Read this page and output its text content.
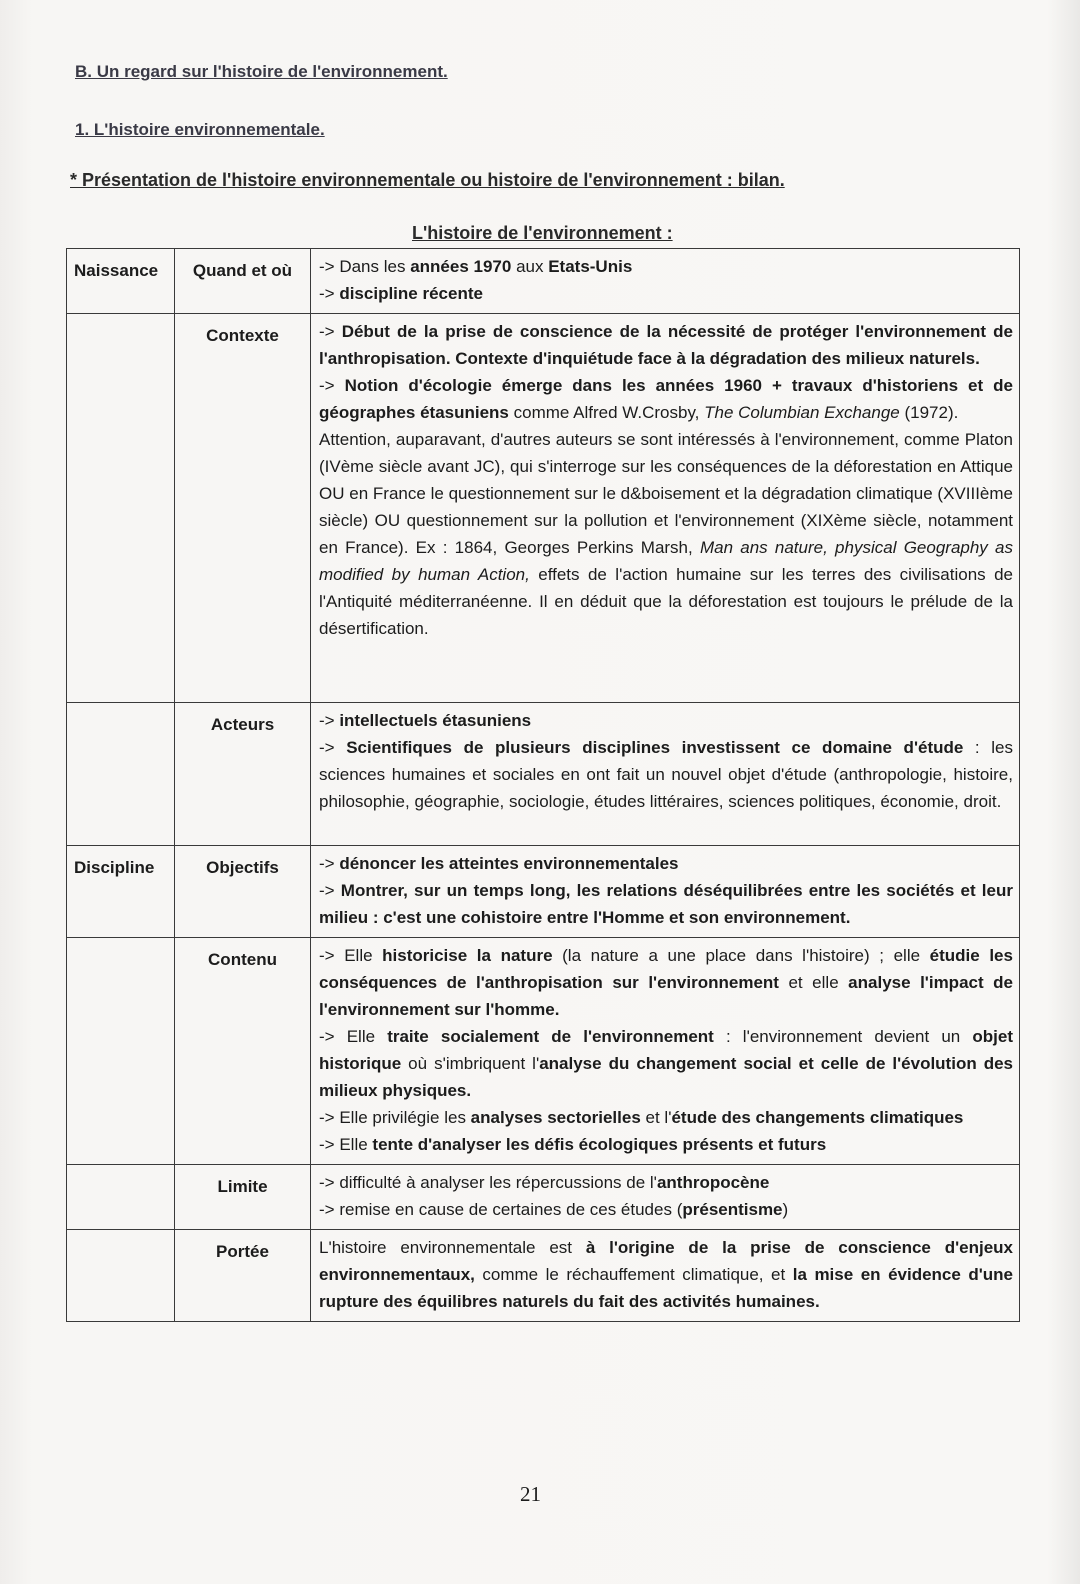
B. Un regard sur l'histoire de l'environnement.
1. L'histoire environnementale.
* Présentation de l'histoire environnementale ou histoire de l'environnement : bilan.
L'histoire de l'environnement :
Naissance	Quand et où	-> Dans les années 1970 aux Etats-Unis

-> discipline récente

	Contexte	-> Début de la prise de conscience de la nécessité de protéger l'environnement de l'anthropisation. Contexte d'inquiétude face à la dégradation des milieux naturels.

-> Notion d'écologie émerge dans les années 1960 + travaux d'historiens et de géographes étasuniens comme Alfred W.Crosby, The Columbian Exchange (1972).

Attention, auparavant, d'autres auteurs se sont intéressés à l'environnement, comme Platon (IVème siècle avant JC), qui s'interroge sur les conséquences de la déforestation en Attique OU en France le questionnement sur le d&boisement et la dégradation climatique (XVIIIème siècle) OU questionnement sur la pollution et l'environnement (XIXème siècle, notamment en France). Ex : 1864, Georges Perkins Marsh, Man ans nature, physical Geography as modified by human Action, effets de l'action humaine sur les terres des civilisations de l'Antiquité méditerranéenne. Il en déduit que la déforestation est toujours le prélude de la désertification.

	Acteurs	-> intellectuels étasuniens

-> Scientifiques de plusieurs disciplines investissent ce domaine d'étude : les sciences humaines et sociales en ont fait un nouvel objet d'étude (anthropologie, histoire, philosophie, géographie, sociologie, études littéraires, sciences politiques, économie, droit.

Discipline	Objectifs	-> dénoncer les atteintes environnementales

-> Montrer, sur un temps long, les relations déséquilibrées entre les sociétés et leur milieu : c'est une cohistoire entre l'Homme et son environnement.

	Contenu	-> Elle historicise la nature (la nature a une place dans l'histoire) ; elle étudie les conséquences de l'anthropisation sur l'environnement et elle analyse l'impact de l'environnement sur l'homme.

-> Elle traite socialement de l'environnement : l'environnement devient un objet historique où s'imbriquent l'analyse du changement social et celle de l'évolution des milieux physiques.

-> Elle privilégie les analyses sectorielles et l'étude des changements climatiques

-> Elle tente d'analyser les défis écologiques présents et futurs

	Limite	-> difficulté à analyser les répercussions de l'anthropocène

-> remise en cause de certaines de ces études (présentisme)

	Portée	L'histoire environnementale est à l'origine de la prise de conscience d'enjeux environnementaux, comme le réchauffement climatique, et la mise en évidence d'une rupture des équilibres naturels du fait des activités humaines.

21
